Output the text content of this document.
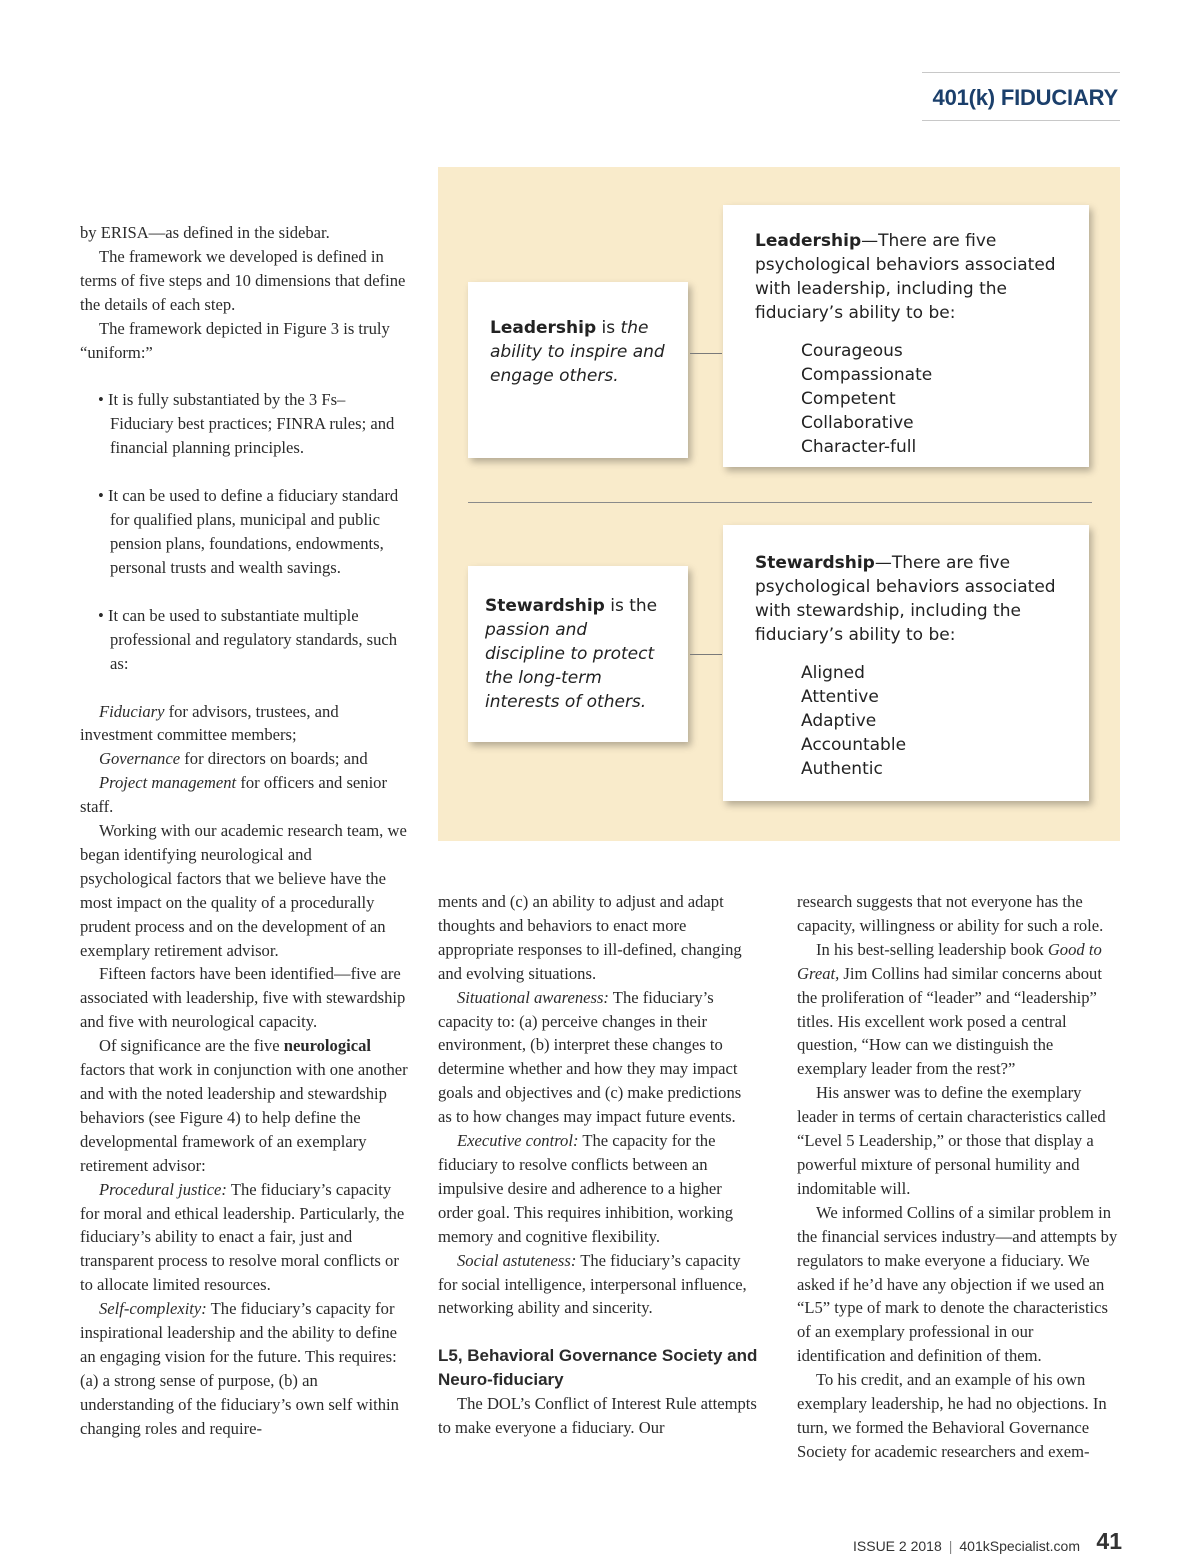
401(k) FIDUCIARY
Leadership is the ability to inspire and engage others.
Leadership—There are five psychological behaviors associated with leadership, including the fiduciary’s ability to be:
Courageous
Compassionate
Competent
Collaborative
Character-full
Stewardship is the passion and discipline to protect the long-term interests of others.
Stewardship—There are five psychological behaviors associated with stewardship, including the fiduciary’s ability to be:
Aligned
Attentive
Adaptive
Accountable
Authentic

by ERISA—as defined in the sidebar.

The framework we developed is defined in terms of five steps and 10 dimensions that define the details of each step.

The framework depicted in Figure 3 is truly “uniform:”

• It is fully substantiated by the 3 Fs–Fiduciary best practices; FINRA rules; and financial planning principles.

• It can be used to define a fiduciary standard for qualified plans, municipal and public pension plans, foundations, endowments, personal trusts and wealth savings.

• It can be used to substantiate multiple professional and regulatory standards, such as:

Fiduciary for advisors, trustees, and investment committee members;

Governance for directors on boards; and

Project management for officers and senior staff.

Working with our academic research team, we began identifying neurological and psychological factors that we believe have the most impact on the quality of a procedurally prudent process and on the development of an exemplary retirement advisor.

Fifteen factors have been identified—five are associated with leadership, five with stewardship and five with neurological capacity.

Of significance are the five neurological factors that work in conjunction with one another and with the noted leadership and stewardship behaviors (see Figure 4) to help define the developmental framework of an exemplary retirement advisor:

Procedural justice: The fiduciary’s capacity for moral and ethical leadership. Particularly, the fiduciary’s ability to enact a fair, just and transparent process to resolve moral conflicts or to allocate limited resources.

Self-complexity: The fiduciary’s capacity for inspirational leadership and the ability to define an engaging vision for the future. This requires: (a) a strong sense of purpose, (b) an understanding of the fiduciary’s own self within changing roles and require-

ments and (c) an ability to adjust and adapt thoughts and behaviors to enact more appropriate responses to ill-defined, changing and evolving situations.

Situational awareness: The fiduciary’s capacity to: (a) perceive changes in their environment, (b) interpret these changes to determine whether and how they may impact goals and objectives and (c) make predictions as to how changes may impact future events.

Executive control: The capacity for the fiduciary to resolve conflicts between an impulsive desire and adherence to a higher order goal. This requires inhibition, working memory and cognitive flexibility.

Social astuteness: The fiduciary’s capacity for social intelligence, interpersonal influence, networking ability and sincerity.

L5, Behavioral Governance Society and Neuro-fiduciary

The DOL’s Conflict of Interest Rule attempts to make everyone a fiduciary. Our

research suggests that not everyone has the capacity, willingness or ability for such a role.

In his best-selling leadership book Good to Great, Jim Collins had similar concerns about the proliferation of “leader” and “leadership” titles. His excellent work posed a central question, “How can we distinguish the exemplary leader from the rest?”

His answer was to define the exemplary leader in terms of certain characteristics called “Level 5 Leadership,” or those that display a powerful mixture of personal humility and indomitable will.

We informed Collins of a similar problem in the financial services industry—and attempts by regulators to make everyone a fiduciary. We asked if he’d have any objection if we used an “L5” type of mark to denote the characteristics of an exemplary professional in our identification and definition of them.

To his credit, and an example of his own exemplary leadership, he had no objections. In turn, we formed the Behavioral Governance Society for academic researchers and exem-

ISSUE 2 2018 | 401kSpecialist.com 41
